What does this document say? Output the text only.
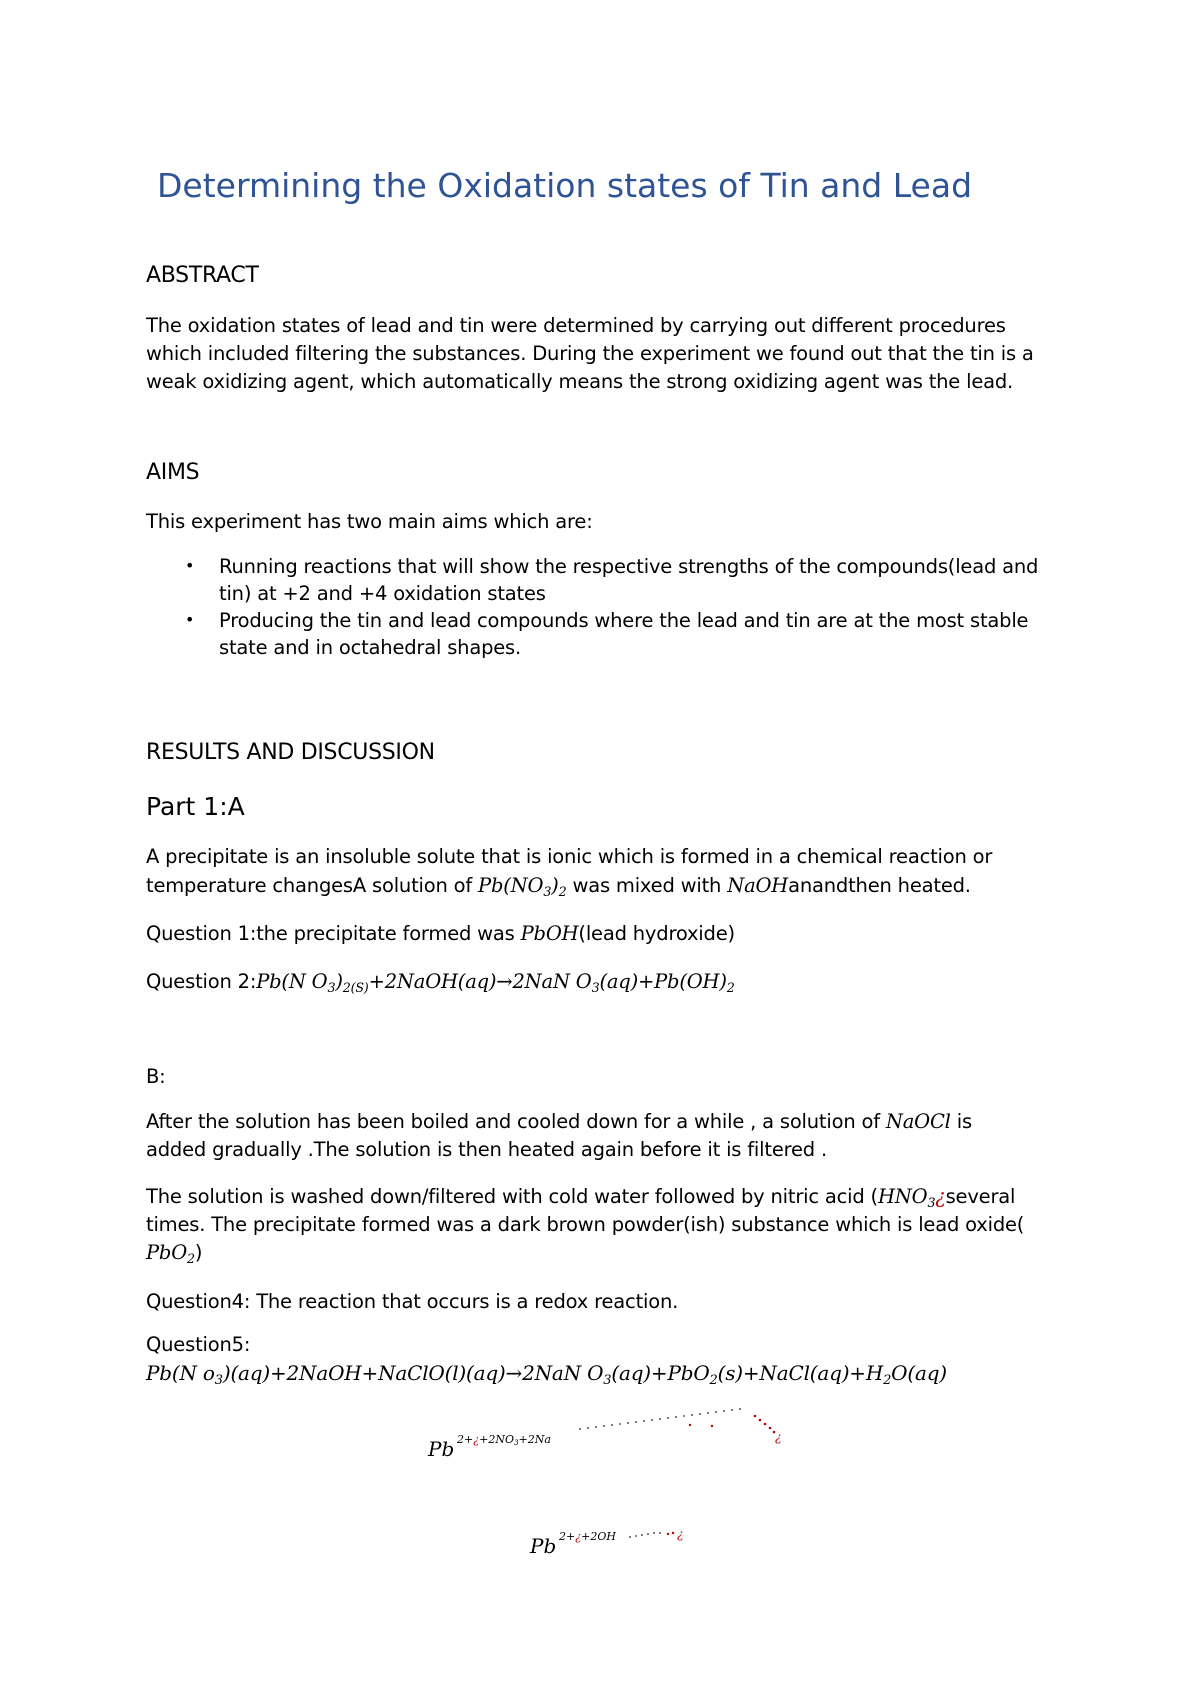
Determining the Oxidation states of Tin and Lead
ABSTRACT
The oxidation states of lead and tin were determined by carrying out different procedures
which included filtering the substances. During the experiment we found out that the tin is a
weak oxidizing agent, which automatically means the strong oxidizing agent was the lead.
AIMS
This experiment has two main aims which are:
• Running reactions that will show the respective strengths of the compounds(lead and
tin) at +2 and +4 oxidation states
• Producing the tin and lead compounds where the lead and tin are at the most stable
state and in octahedral shapes.
RESULTS AND DISCUSSION
Part 1:A
A precipitate is an insoluble solute that is ionic which is formed in a chemical reaction or
temperature changesA solution of $Pb(NO_3)_2$ was mixed with NaOHanandthen heated.
Question 1:the precipitate formed was PbOH(lead hydroxide)
Question 2:Pb(N $O_3)_{2(S)}+2NaOH(aq)\to 2NaN$ $O_3(aq)+Pb(OH)_2$
B:
After the solution has been boiled and cooled down for a while , a solution of NaOCl is
added gradually .The solution is then heated again before it is filtered .
The solution is washed down/filtered with cold water followed by nitric acid ($HNO_3¿several$
times. The precipitate formed was a dark brown powder(ish) substance which is lead oxide(
PbO$_2$)
Question4: The reaction that occurs is a redox reaction.
Question5:
Pb(N $o_3)(aq)+2NaOH+NaClO(l)(aq)\to 2NaN$ $O_3(aq)+PbO_2(s)+NaCl(aq)+H_2O(aq)$
Pb $2+¿+2NO_3+2Na$	¿
Pb 2+¿+2OH	¿
